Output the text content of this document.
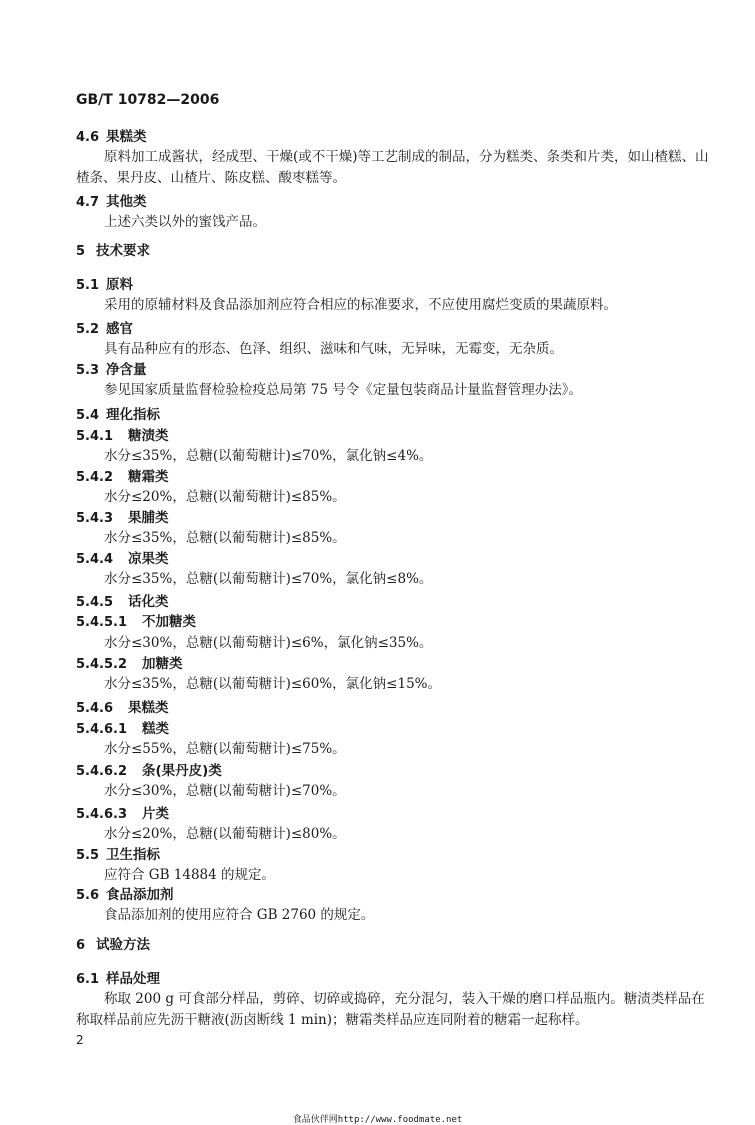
GB/T 10782—2006
4.6 果糕类
原料加工成酱状，经成型、干燥(或不干燥)等工艺制成的制品，分为糕类、条类和片类，如山楂糕、山
楂条、果丹皮、山楂片、陈皮糕、酸枣糕等。
4.7 其他类
上述六类以外的蜜饯产品。
5 技术要求
5.1 原料
采用的原辅材料及食品添加剂应符合相应的标准要求，不应使用腐烂变质的果蔬原料。
5.2 感官
具有品种应有的形态、色泽、组织、滋味和气味，无异味，无霉变，无杂质。
5.3 净含量
参见国家质量监督检验检疫总局第 75 号令《定量包装商品计量监督管理办法》。
5.4 理化指标
5.4.1 糖渍类
水分≤35%，总糖(以葡萄糖计)≤70%，氯化钠≤4%。
5.4.2 糖霜类
水分≤20%，总糖(以葡萄糖计)≤85%。
5.4.3 果脯类
水分≤35%，总糖(以葡萄糖计)≤85%。
5.4.4 凉果类
水分≤35%，总糖(以葡萄糖计)≤70%，氯化钠≤8%。
5.4.5 话化类
5.4.5.1 不加糖类
水分≤30%，总糖(以葡萄糖计)≤6%，氯化钠≤35%。
5.4.5.2 加糖类
水分≤35%，总糖(以葡萄糖计)≤60%，氯化钠≤15%。
5.4.6 果糕类
5.4.6.1 糕类
水分≤55%，总糖(以葡萄糖计)≤75%。
5.4.6.2 条(果丹皮)类
水分≤30%，总糖(以葡萄糖计)≤70%。
5.4.6.3 片类
水分≤20%，总糖(以葡萄糖计)≤80%。
5.5 卫生指标
应符合 GB 14884 的规定。
5.6 食品添加剂
食品添加剂的使用应符合 GB 2760 的规定。
6 试验方法
6.1 样品处理
称取 200 g 可食部分样品，剪碎、切碎或捣碎，充分混匀，装入干燥的磨口样品瓶内。糖渍类样品在
称取样品前应先沥干糖液(沥卤断线 1 min)；糖霜类样品应连同附着的糖霜一起称样。
2
食品伙伴网http://www.foodmate.net
